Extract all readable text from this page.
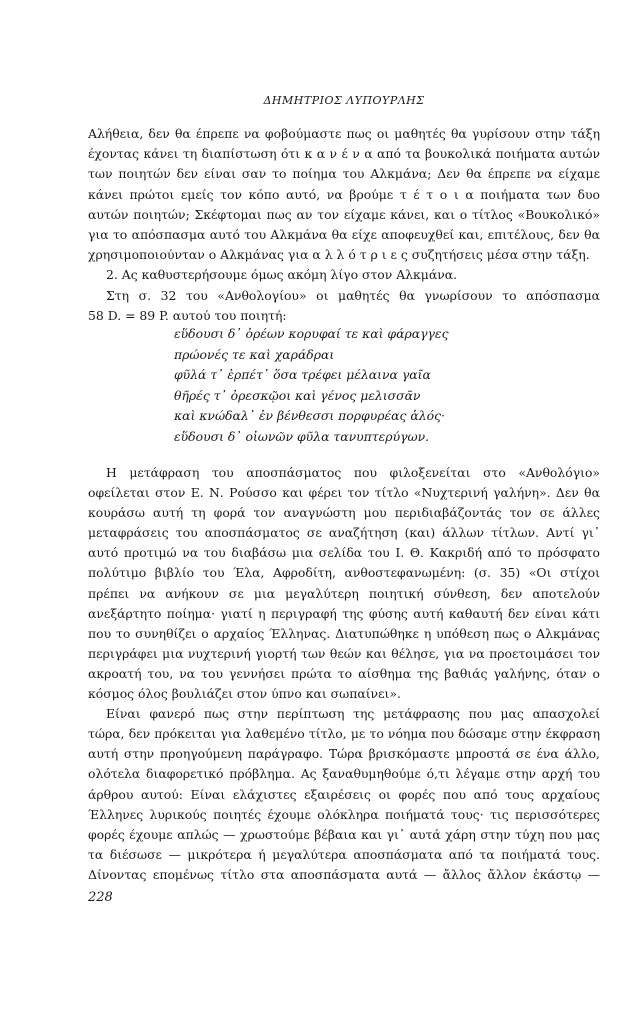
ΔΗΜΗΤΡΙΟΣ ΛΥΠΟΥΡΛΗΣ
Αλήθεια, δεν θα έπρεπε να φοβούμαστε πως οι μαθητές θα γυρίσουν στην τάξη
έχοντας κάνει τη διαπίστωση ότι κ α ν έ ν α από τα βουκολικά ποιήματα αυτών
των ποιητών δεν είναι σαν το ποίημα του Αλκμάνα; Δεν θα έπρεπε να είχαμε
κάνει πρώτοι εμείς τον κόπο αυτό, να βρούμε τ έ τ ο ι α ποιήματα των δυο
αυτών ποιητών; Σκέφτομαι πως αν τον είχαμε κάνει, και ο τίτλος «Βουκολικό»
για το απόσπασμα αυτό του Αλκμάνα θα είχε αποφευχθεί και, επιτέλους, δεν θα
χρησιμοποιούνταν ο Αλκμάνας για α λ λ ό τ ρ ι ε ς συζητήσεις μέσα στην τάξη.
2. Ας καθυστερήσουμε όμως ακόμη λίγο στον Αλκμάνα.
Στη σ. 32 του «Ανθολογίου» οι μαθητές θα γνωρίσουν το απόσπασμα
58 D. = 89 P. αυτού του ποιητή:
εὕδουσι δ᾽ ὀρέων κορυφαί τε καὶ φάραγγες
πρώονές τε καὶ χαράδραι
φῦλά τ᾽ ἑρπέτ᾽ ὅσα τρέφει μέλαινα γαῖα
θῆρές τ᾽ ὀρεσκῷοι καὶ γένος μελισσᾶν
καὶ κνώδαλ᾽ ἐν βένθεσσι πορφυρέας ἁλός·
εὕδουσι δ᾽ οἰωνῶν φῦλα τανυπτερύγων.
Η μετάφραση του αποσπάσματος που φιλοξενείται στο «Ανθολόγιο»
οφείλεται στον Ε. Ν. Ρούσσο και φέρει τον τίτλο «Νυχτερινή γαλήνη». Δεν θα
κουράσω αυτή τη φορά τον αναγνώστη μου περιδιαβάζοντάς τον σε άλλες
μεταφράσεις του αποσπάσματος σε αναζήτηση (και) άλλων τίτλων. Αντί γι᾽
αυτό προτιμώ να του διαβάσω μια σελίδα του Ι. Θ. Κακριδή από το πρόσφατο
πολύτιμο βιβλίο του Έλα, Αφροδίτη, ανθοστεφανωμένη: (σ. 35) «Οι στίχοι
πρέπει να ανήκουν σε μια μεγαλύτερη ποιητική σύνθεση, δεν αποτελούν
ανεξάρτητο ποίημα· γιατί η περιγραφή της φύσης αυτή καθαυτή δεν είναι κάτι
που το συνηθίζει ο αρχαίος Έλληνας. Διατυπώθηκε η υπόθεση πως ο Αλκμάνας
περιγράφει μια νυχτερινή γιορτή των θεών και θέλησε, για να προετοιμάσει τον
ακροατή του, να του γεννήσει πρώτα το αίσθημα της βαθιάς γαλήνης, όταν ο
κόσμος όλος βουλιάζει στον ύπνο και σωπαίνει».
Είναι φανερό πως στην περίπτωση της μετάφρασης που μας απασχολεί
τώρα, δεν πρόκειται για λαθεμένο τίτλο, με το νόημα που δώσαμε στην έκφραση
αυτή στην προηγούμενη παράγραφο. Τώρα βρισκόμαστε μπροστά σε ένα άλλο,
ολότελα διαφορετικό πρόβλημα. Ας ξαναθυμηθούμε ό,τι λέγαμε στην αρχή του
άρθρου αυτού: Είναι ελάχιστες εξαιρέσεις οι φορές που από τους αρχαίους
Έλληνες λυρικούς ποιητές έχουμε ολόκληρα ποιήματά τους· τις περισσότερες
φορές έχουμε απλώς — χρωστούμε βέβαια και γι᾽ αυτά χάρη στην τύχη που μας
τα διέσωσε — μικρότερα ή μεγαλύτερα αποσπάσματα από τα ποιήματά τους.
Δίνοντας επομένως τίτλο στα αποσπάσματα αυτά — ἄλλος ἄλλον ἑκάστῳ —
228
